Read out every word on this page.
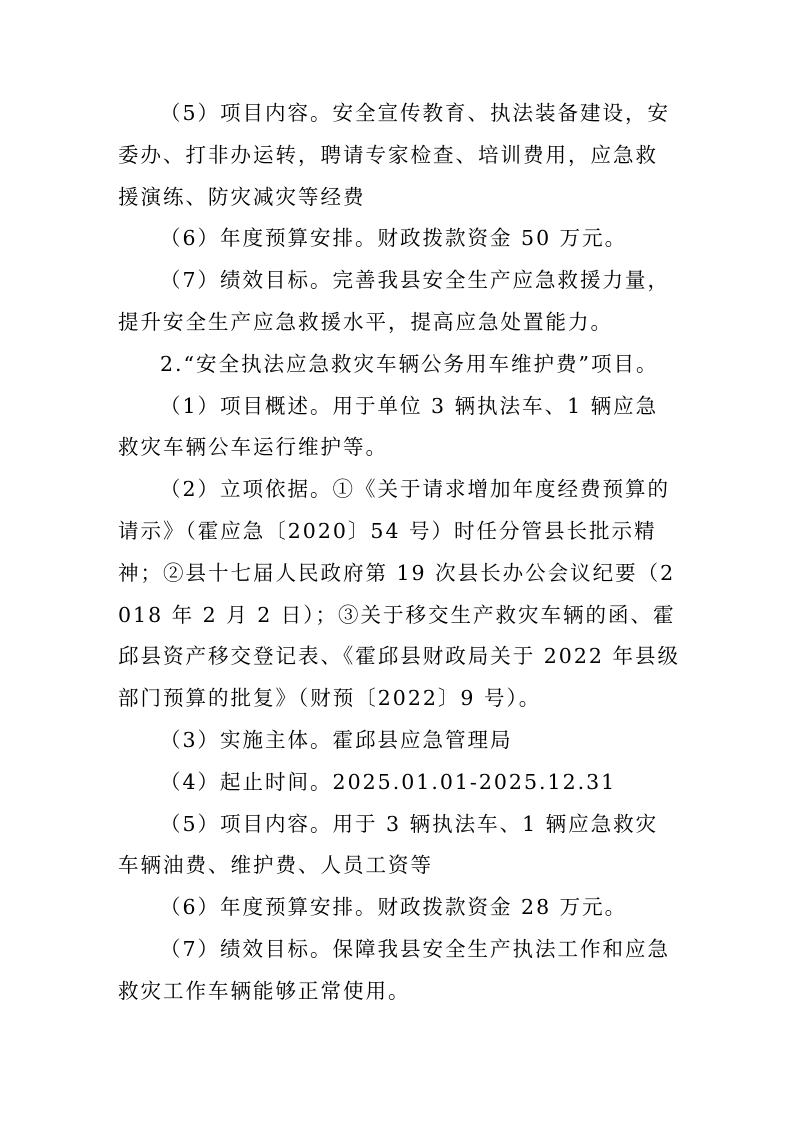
（5）项目内容。安全宣传教育、执法装备建设，安委办、打非办运转，聘请专家检查、培训费用，应急救援演练、防灾减灾等经费

（6）年度预算安排。财政拨款资金 50 万元。

（7）绩效目标。完善我县安全生产应急救援力量，提升安全生产应急救援水平，提高应急处置能力。

2.“安全执法应急救灾车辆公务用车维护费”项目。

（1）项目概述。用于单位 3 辆执法车、1 辆应急救灾车辆公车运行维护等。

（2）立项依据。①《关于请求增加年度经费预算的请示》（霍应急〔2020〕54 号）时任分管县长批示精神；②县十七届人民政府第 19 次县长办公会议纪要（2018 年 2 月 2 日）；③关于移交生产救灾车辆的函、霍邱县资产移交登记表、《霍邱县财政局关于 2022 年县级部门预算的批复》（财预〔2022〕9 号）。

（3）实施主体。霍邱县应急管理局

（4）起止时间。2025.01.01-2025.12.31

（5）项目内容。用于 3 辆执法车、1 辆应急救灾车辆油费、维护费、人员工资等

（6）年度预算安排。财政拨款资金 28 万元。

（7）绩效目标。保障我县安全生产执法工作和应急救灾工作车辆能够正常使用。
